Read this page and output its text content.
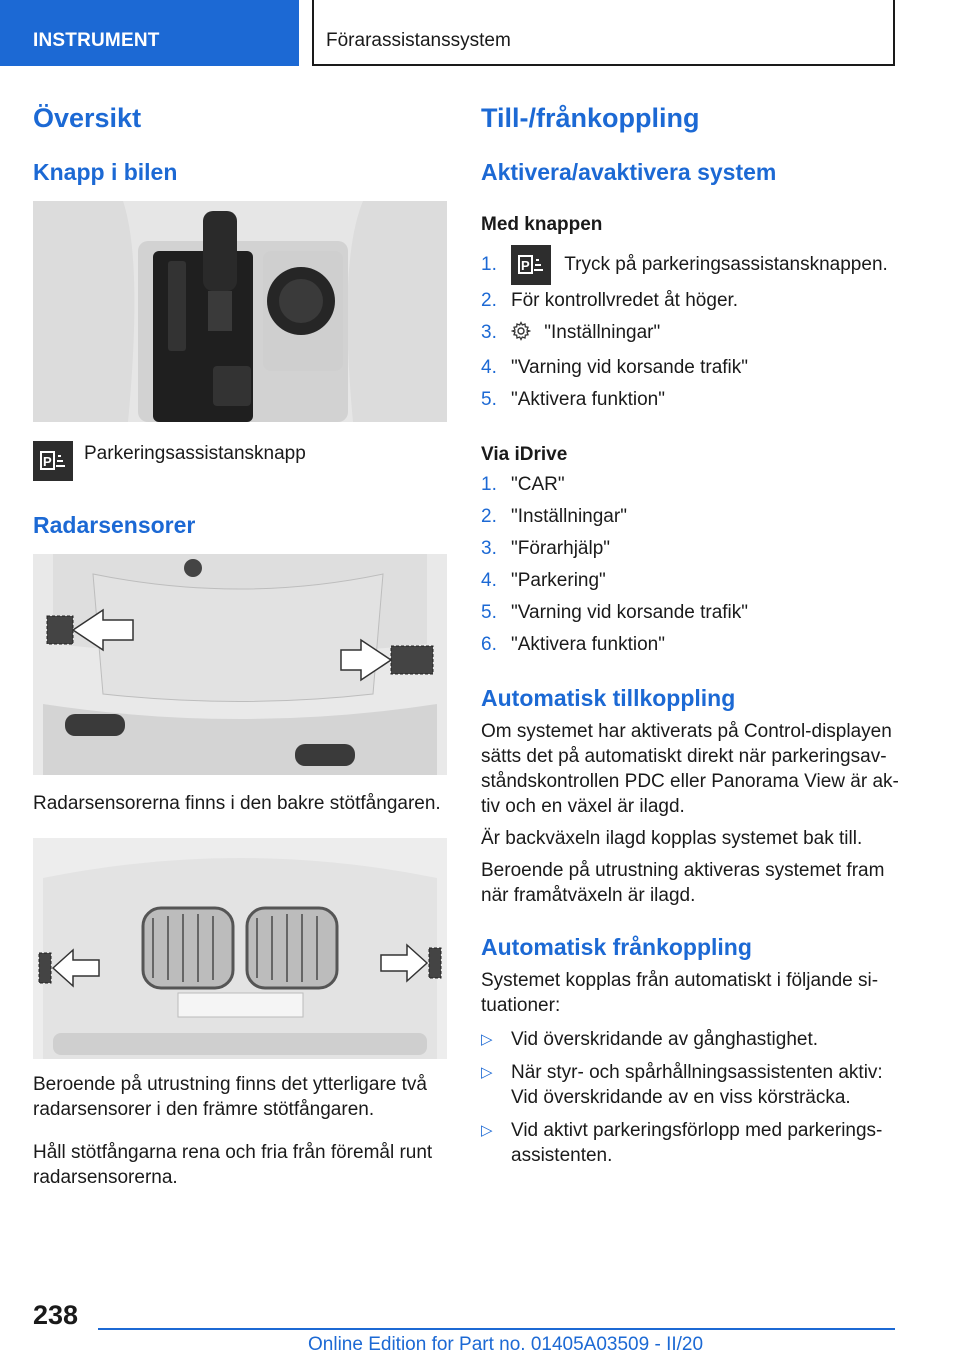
INSTRUMENT	Förarassistanssystem
Översikt
Knapp i bilen
P Parkeringsassistansknapp
Radarsensorer
Radarsensorerna finns i den bakre stötfångaren.
Beroende på utrustning finns det ytterligare två
radarsensorer i den främre stötfångaren.
Håll stötfångarna rena och fria från föremål runt
radarsensorerna.
Till-/frånkoppling
Aktivera/avaktivera system
Med knappen
1. P Tryck på parkeringsassistansknappen.
2. För kontrollvredet åt höger.
3. "Inställningar"
4. "Varning vid korsande trafik"
5. "Aktivera funktion"
Via iDrive
1. "CAR"
2. "Inställningar"
3. "Förarhjälp"
4. "Parkering"
5. "Varning vid korsande trafik"
6. "Aktivera funktion"
Automatisk tillkoppling
Om systemet har aktiverats på Control-displayen
sätts det på automatiskt direkt när parkeringsav-
ståndskontrollen PDC eller Panorama View är ak-
tiv och en växel är ilagd.
Är backväxeln ilagd kopplas systemet bak till.
Beroende på utrustning aktiveras systemet fram
när framåtväxeln är ilagd.
Automatisk frånkoppling
Systemet kopplas från automatiskt i följande si-
tuationer:
▷ Vid överskridande av gånghastighet.
▷ När styr- och spårhållningsassistenten aktiv:
Vid överskridande av en viss körsträcka.
▷ Vid aktivt parkeringsförlopp med parkerings-
assistenten.
238
Online Edition for Part no. 01405A03509 - II/20
